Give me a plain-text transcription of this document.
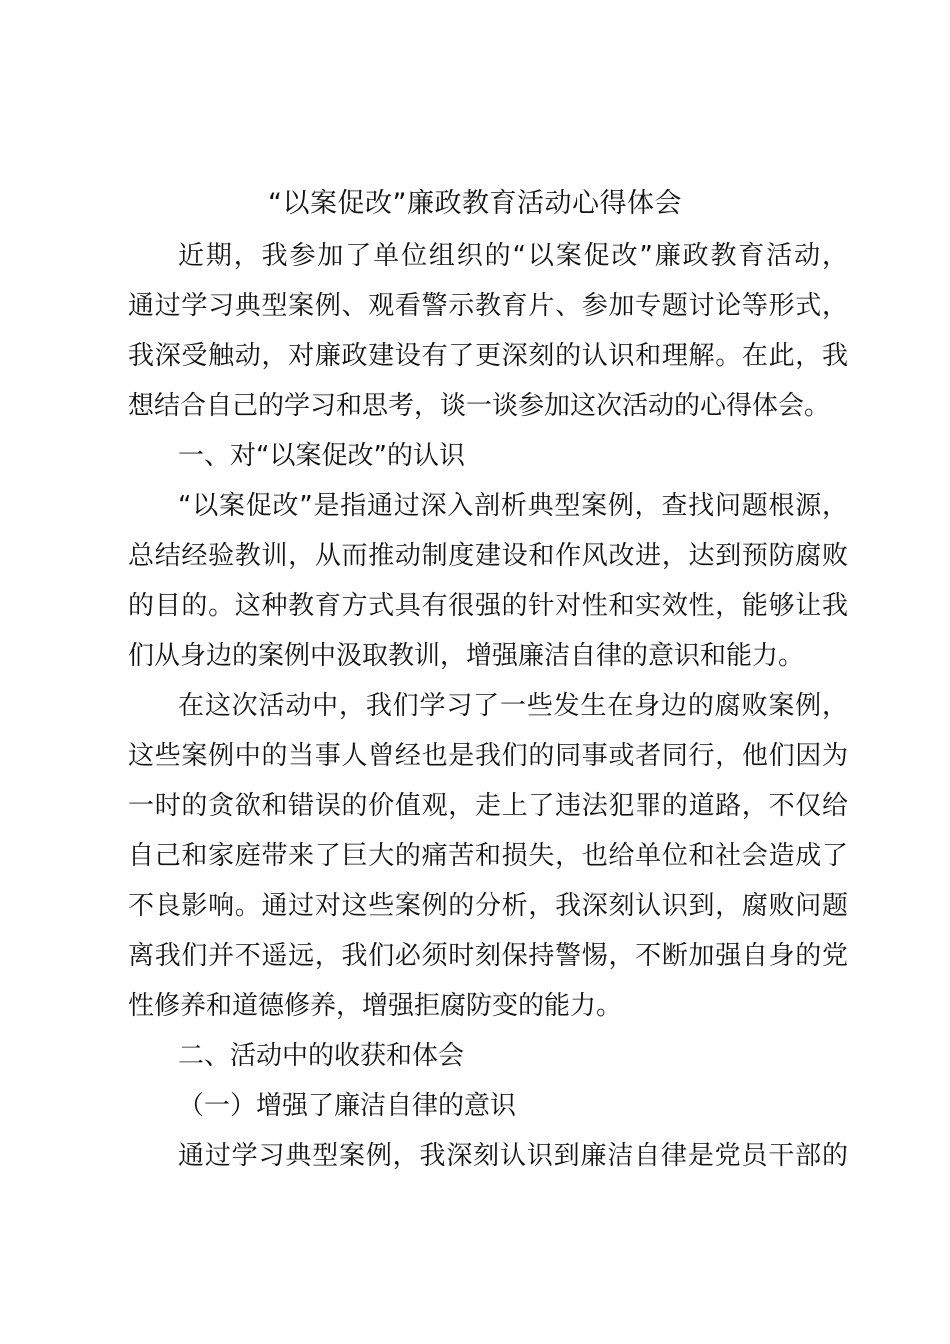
“以案促改”廉政教育活动心得体会
近期，我参加了单位组织的“以案促改”廉政教育活动，
通过学习典型案例、观看警示教育片、参加专题讨论等形式，
我深受触动，对廉政建设有了更深刻的认识和理解。在此，我
想结合自己的学习和思考，谈一谈参加这次活动的心得体会。
一、对“以案促改”的认识
“以案促改”是指通过深入剖析典型案例，查找问题根源，
总结经验教训，从而推动制度建设和作风改进，达到预防腐败
的目的。这种教育方式具有很强的针对性和实效性，能够让我
们从身边的案例中汲取教训，增强廉洁自律的意识和能力。
在这次活动中，我们学习了一些发生在身边的腐败案例，
这些案例中的当事人曾经也是我们的同事或者同行，他们因为
一时的贪欲和错误的价值观，走上了违法犯罪的道路，不仅给
自己和家庭带来了巨大的痛苦和损失，也给单位和社会造成了
不良影响。通过对这些案例的分析，我深刻认识到，腐败问题
离我们并不遥远，我们必须时刻保持警惕，不断加强自身的党
性修养和道德修养，增强拒腐防变的能力。
二、活动中的收获和体会
（一）增强了廉洁自律的意识
通过学习典型案例，我深刻认识到廉洁自律是党员干部的
